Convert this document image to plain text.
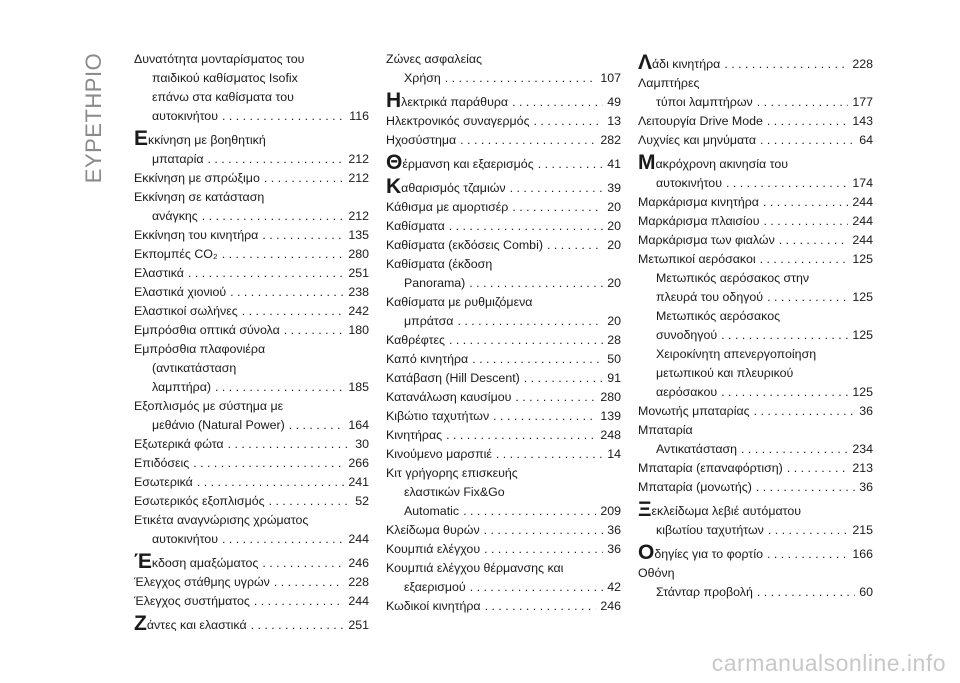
ΕΥΡΕΤΗΡΙΟ Δυνατότητα μονταρίσματος του
παιδικού καθίσματος Isofix
επάνω στα καθίσματα του
αυτοκινήτου . . .	116
Εκκίνηση με βοηθητική
μπαταρία . . .	212
Εκκίνηση με σπρώξιμο . . .	212
Εκκίνηση σε κατάσταση
ανάγκης . . .	212
Εκκίνηση του κινητήρα . . .	135
Εκπομπές CO₂ . . .	280
Ελαστικά . . .	251
Ελαστικά χιονιού . . .	238
Ελαστικοί σωλήνες . . .	242
Εμπρόσθια οπτικά σύνολα . . .	180
Εμπρόσθια πλαφονιέρα
(αντικατάσταση
λαμπτήρα) . . .	185
Εξοπλισμός με σύστημα με
μεθάνιο (Natural Power) . . .	164
Εξωτερικά φώτα . . .	30
Επιδόσεις . . .	266
Εσωτερικά . . .	241
Εσωτερικός εξοπλισμός . . .	52
Ετικέτα αναγνώρισης χρώματος
αυτοκινήτου . . .	244
Έκδοση αμαξώματος . . .	246
Έλεγχος στάθμης υγρών . . .	228
Έλεγχος συστήματος . . .	244
Ζάντες και ελαστικά . . .	251
Ζώνες ασφαλείας
Χρήση . . .	107
Ηλεκτρικά παράθυρα . . .	49
Ηλεκτρονικός συναγερμός . . .	13
Ηχοσύστημα . . .	282
Θέρμανση και εξαερισμός . . .	41
Καθαρισμός τζαμιών . . .	39
Κάθισμα με αμορτισέρ . . .	20
Καθίσματα . . .	20
Καθίσματα (εκδόσεις Combi) . . .	20
Καθίσματα (έκδοση
Panorama) . . .	20
Καθίσματα με ρυθμιζόμενα
μπράτσα . . .	20
Καθρέφτες . . .	28
Καπό κινητήρα . . .	50
Κατάβαση (Hill Descent) . . .	91
Κατανάλωση καυσίμου . . .	280
Κιβώτιο ταχυτήτων . . .	139
Κινητήρας . . .	248
Κινούμενο μαρσπιέ . . .	14
Κιτ γρήγορης επισκευής
ελαστικών Fix&Go
Automatic . . .	209
Κλείδωμα θυρών . . .	36
Κουμπιά ελέγχου . . .	36
Κουμπιά ελέγχου θέρμανσης και
εξαερισμού . . .	42
Κωδικοί κινητήρα . . .	246
Λάδι κινητήρα . . .	228
Λαμπτήρες
τύποι λαμπτήρων . . .	177
Λειτουργία Drive Mode . . .	143
Λυχνίες και μηνύματα . . .	64
Μακρόχρονη ακινησία του
αυτοκινήτου . . .	174
Μαρκάρισμα κινητήρα . . .	244
Μαρκάρισμα πλαισίου . . .	244
Μαρκάρισμα των φιαλών . . .	244
Μετωπικοί αερόσακοι . . .	125
Μετωπικός αερόσακος στην
πλευρά του οδηγού . . .	125
Μετωπικός αερόσακος
συνοδηγού . . .	125
Χειροκίνητη απενεργοποίηση
μετωπικού και πλευρικού
αερόσακου . . .	125
Μονωτής μπαταρίας . . .	36
Μπαταρία
Αντικατάσταση . . .	234
Μπαταρία (επαναφόρτιση) . . .	213
Μπαταρία (μονωτής) . . .	36
Ξεκλείδωμα λεβιέ αυτόματου
κιβωτίου ταχυτήτων . . .	215
Οδηγίες για το φορτίο . . .	166
Οθόνη
Στάνταρ προβολή . . .	60
carmanualsonline.info
